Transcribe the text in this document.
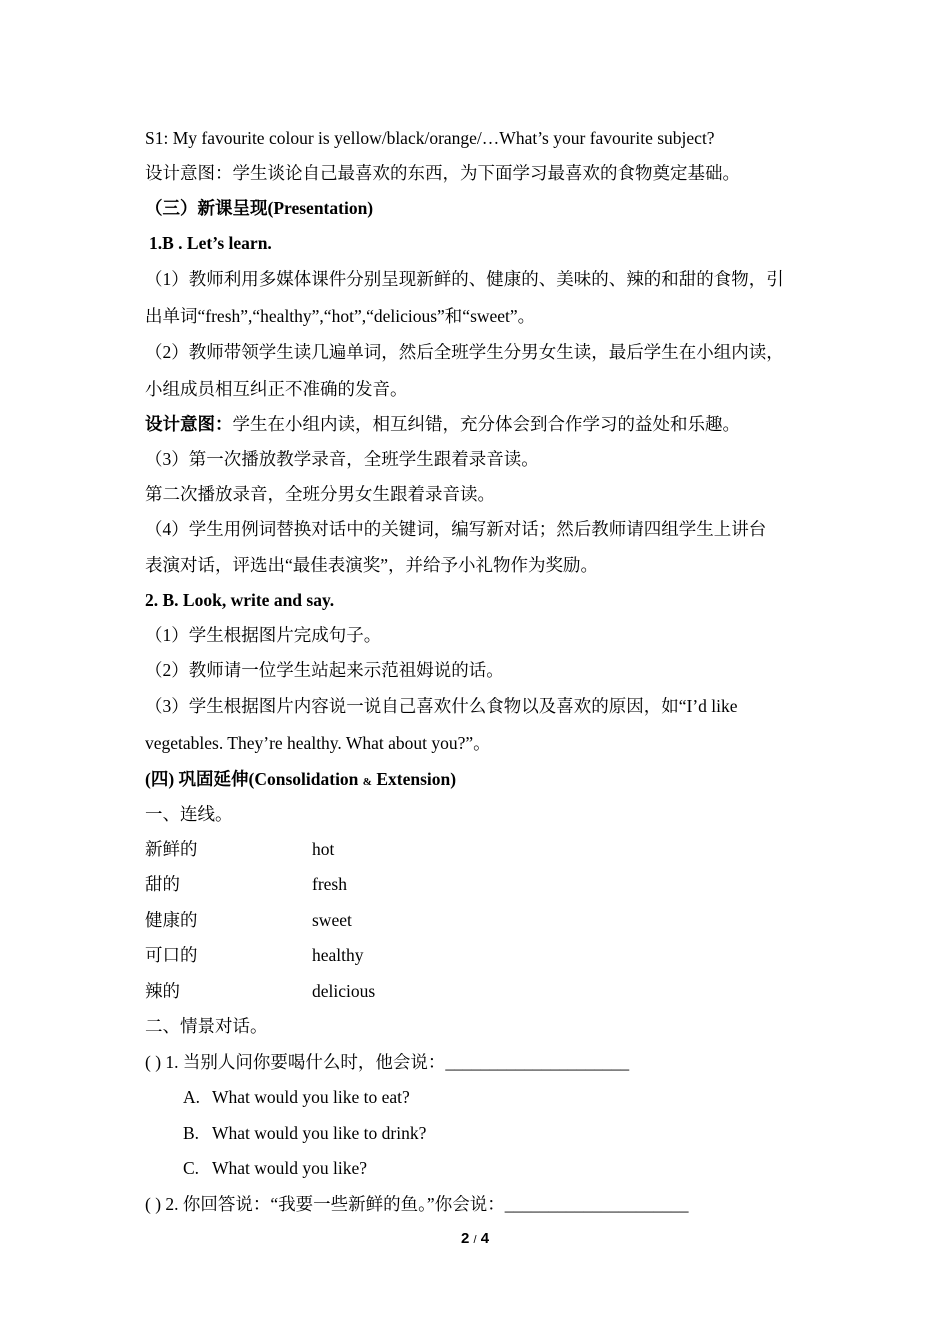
S1: My favourite colour is yellow/black/orange/…What’s your favourite subject?
设计意图：学生谈论自己最喜欢的东西，为下面学习最喜欢的食物奠定基础。
（三）新课呈现(Presentation)
1.B . Let’s learn.
（1）教师利用多媒体课件分别呈现新鲜的、健康的、美味的、辣的和甜的食物，引
出单词“fresh”,“healthy”,“hot”,“delicious”和“sweet”。
（2）教师带领学生读几遍单词，然后全班学生分男女生读，最后学生在小组内读，
小组成员相互纠正不准确的发音。
设计意图：学生在小组内读，相互纠错，充分体会到合作学习的益处和乐趣。
（3）第一次播放教学录音，全班学生跟着录音读。
第二次播放录音，全班分男女生跟着录音读。
（4）学生用例词替换对话中的关键词，编写新对话；然后教师请四组学生上讲台
表演对话，评选出“最佳表演奖”，并给予小礼物作为奖励。
2. B. Look, write and say.
（1）学生根据图片完成句子。
（2）教师请一位学生站起来示范祖姆说的话。
（3）学生根据图片内容说一说自己喜欢什么食物以及喜欢的原因，如“I’d like
vegetables. They’re healthy. What about you?”。
(四) 巩固延伸(Consolidation & Extension)
一、连线。
新鲜的	hot
甜的	fresh
健康的	sweet
可口的	healthy
辣的	delicious
二、情景对话。
( ) 1. 当别人问你要喝什么时，他会说：_____________________
A. What would you like to eat?
B. What would you like to drink?
C. What would you like?
( ) 2. 你回答说：“我要一些新鲜的鱼。”你会说：_____________________
2 / 4
